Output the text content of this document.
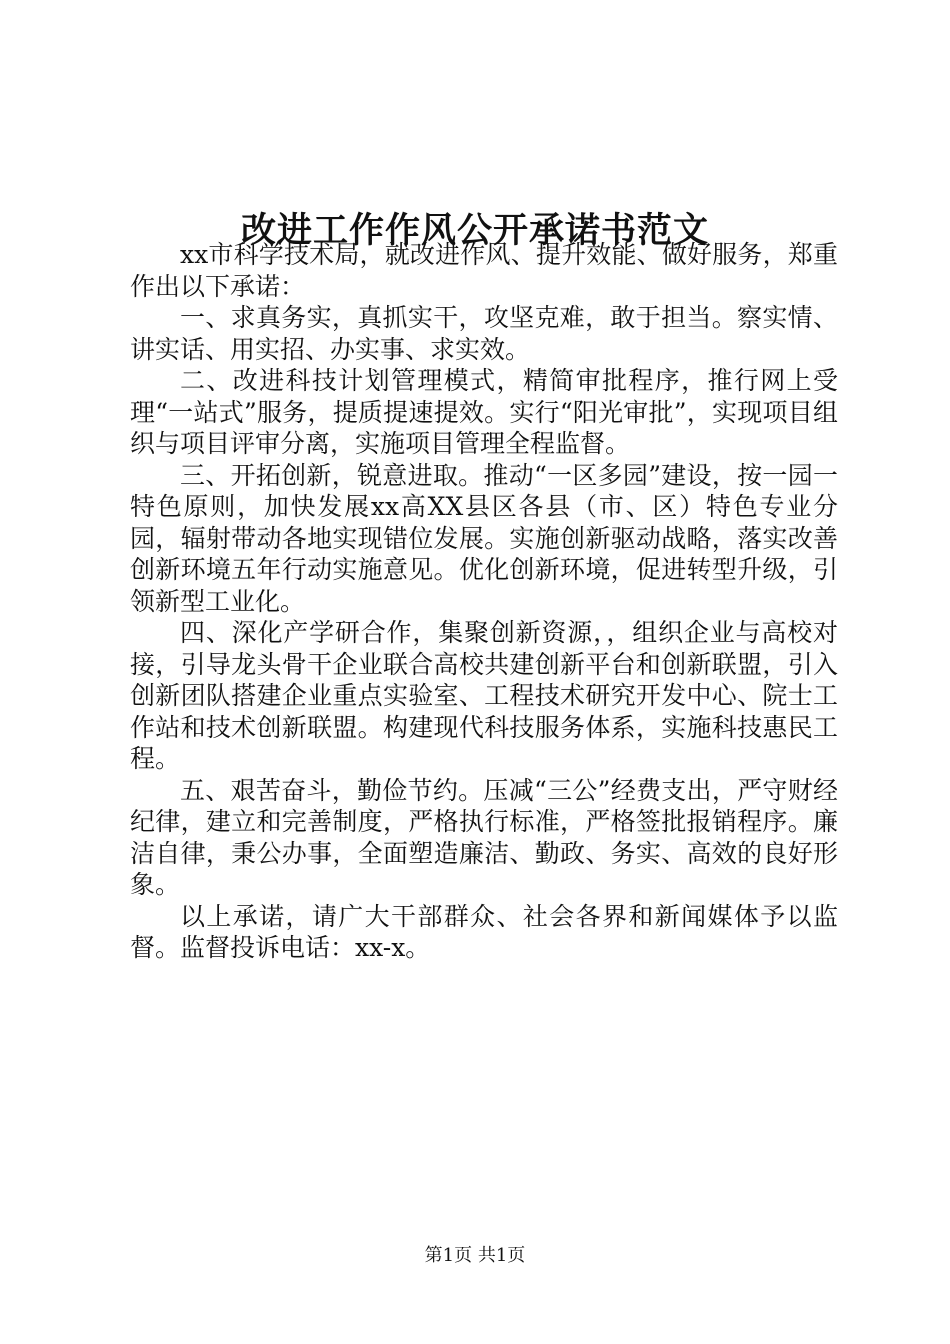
改进工作作风公开承诺书范文

xx市科学技术局，就改进作风、提升效能、做好服务，郑重作出以下承诺：

一、求真务实，真抓实干，攻坚克难，敢于担当。察实情、讲实话、用实招、办实事、求实效。

二、改进科技计划管理模式，精简审批程序，推行网上受理“一站式”服务，提质提速提效。实行“阳光审批”，实现项目组织与项目评审分离，实施项目管理全程监督。

三、开拓创新，锐意进取。推动“一区多园”建设，按一园一特色原则，加快发展xx高XX县区各县（市、区）特色专业分园，辐射带动各地实现错位发展。实施创新驱动战略，落实改善创新环境五年行动实施意见。优化创新环境，促进转型升级，引领新型工业化。

四、深化产学研合作，集聚创新资源，，组织企业与高校对接，引导龙头骨干企业联合高校共建创新平台和创新联盟，引入创新团队搭建企业重点实验室、工程技术研究开发中心、院士工作站和技术创新联盟。构建现代科技服务体系，实施科技惠民工程。

五、艰苦奋斗，勤俭节约。压减“三公”经费支出，严守财经纪律，建立和完善制度，严格执行标准，严格签批报销程序。廉洁自律，秉公办事，全面塑造廉洁、勤政、务实、高效的良好形象。

以上承诺，请广大干部群众、社会各界和新闻媒体予以监督。监督投诉电话：xx-x。

第1页 共1页
